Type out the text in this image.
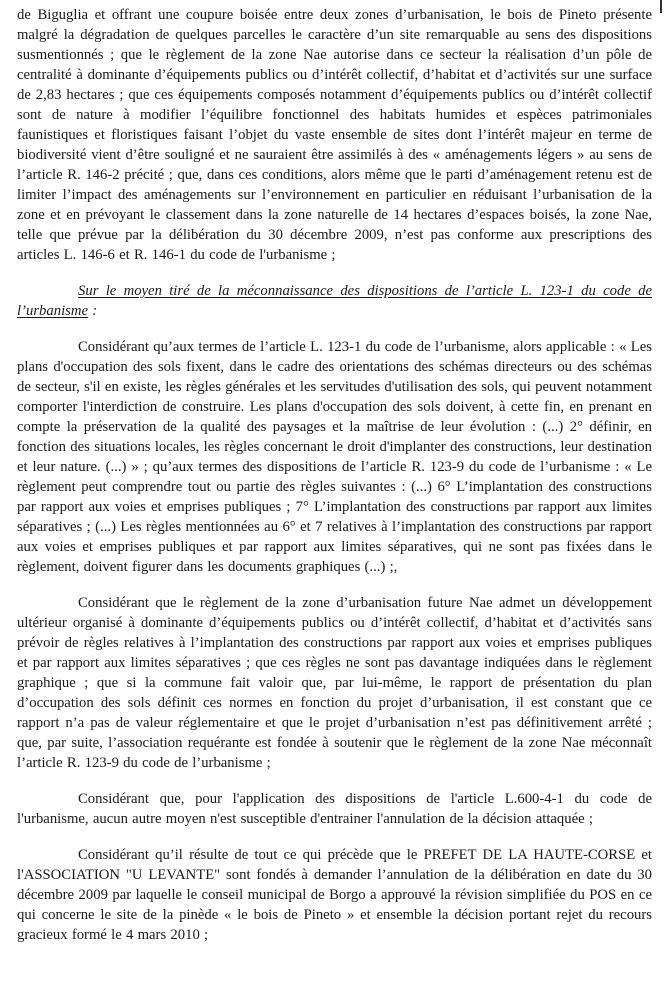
de Biguglia et offrant une coupure boisée entre deux zones d’urbanisation, le bois de Pineto présente malgré la dégradation de quelques parcelles le caractère d’un site remarquable au sens des dispositions susmentionnés ; que le règlement de la zone Nae autorise dans ce secteur la réalisation d’un pôle de centralité à dominante d’équipements publics ou d’intérêt collectif, d’habitat et d’activités sur une surface de 2,83 hectares ; que ces équipements composés notamment d’équipements publics ou d’intérêt collectif sont de nature à modifier l’équilibre fonctionnel des habitats humides et espèces patrimoniales faunistiques et floristiques faisant l’objet du vaste ensemble de sites dont l’intérêt majeur en terme de biodiversité vient d’être souligné et ne sauraient être assimilés à des « aménagements légers » au sens de l’article R. 146-2 précité ; que, dans ces conditions, alors même que le parti d’aménagement retenu est de limiter l’impact des aménagements sur l’environnement en particulier en réduisant l’urbanisation de la zone et en prévoyant le classement dans la zone naturelle de 14 hectares d’espaces boisés, la zone Nae, telle que prévue par la délibération du 30 décembre 2009, n’est pas conforme aux prescriptions des articles L. 146-6 et R. 146-1 du code de l'urbanisme ;

Sur le moyen tiré de la méconnaissance des dispositions de l’article L. 123-1 du code de l’urbanisme :

Considérant qu’aux termes de l’article L. 123-1 du code de l’urbanisme, alors applicable : « Les plans d'occupation des sols fixent, dans le cadre des orientations des schémas directeurs ou des schémas de secteur, s'il en existe, les règles générales et les servitudes d'utilisation des sols, qui peuvent notamment comporter l'interdiction de construire. Les plans d'occupation des sols doivent, à cette fin, en prenant en compte la préservation de la qualité des paysages et la maîtrise de leur évolution : (...) 2° définir, en fonction des situations locales, les règles concernant le droit d'implanter des constructions, leur destination et leur nature. (...) » ; qu’aux termes des dispositions de l’article R. 123-9 du code de l’urbanisme : « Le règlement peut comprendre tout ou partie des règles suivantes : (...) 6° L’implantation des constructions par rapport aux voies et emprises publiques ; 7° L’implantation des constructions par rapport aux limites séparatives ; (...) Les règles mentionnées au 6° et 7 relatives à l’implantation des constructions par rapport aux voies et emprises publiques et par rapport aux limites séparatives, qui ne sont pas fixées dans le règlement, doivent figurer dans les documents graphiques (...) ;,

Considérant que le règlement de la zone d’urbanisation future Nae admet un développement ultérieur organisé à dominante d’équipements publics ou d’intérêt collectif, d’habitat et d’activités sans prévoir de règles relatives à l’implantation des constructions par rapport aux voies et emprises publiques et par rapport aux limites séparatives ; que ces règles ne sont pas davantage indiquées dans le règlement graphique ; que si la commune fait valoir que, par lui-même, le rapport de présentation du plan d’occupation des sols définit ces normes en fonction du projet d’urbanisation, il est constant que ce rapport n’a pas de valeur réglementaire et que le projet d’urbanisation n’est pas définitivement arrêté ; que, par suite, l’association requérante est fondée à soutenir que le règlement de la zone Nae méconnaît l’article R. 123-9 du code de l’urbanisme ;

Considérant que, pour l'application des dispositions de l'article L.600-4-1 du code de l'urbanisme, aucun autre moyen n'est susceptible d'entrainer l'annulation de la décision attaquée ;

Considérant qu’il résulte de tout ce qui précède que le PREFET DE LA HAUTE-CORSE et l'ASSOCIATION "U LEVANTE" sont fondés à demander l’annulation de la délibération en date du 30 décembre 2009 par laquelle le conseil municipal de Borgo a approuvé la révision simplifiée du POS en ce qui concerne le site de la pinède « le bois de Pineto » et ensemble la décision portant rejet du recours gracieux formé le 4 mars 2010 ;
